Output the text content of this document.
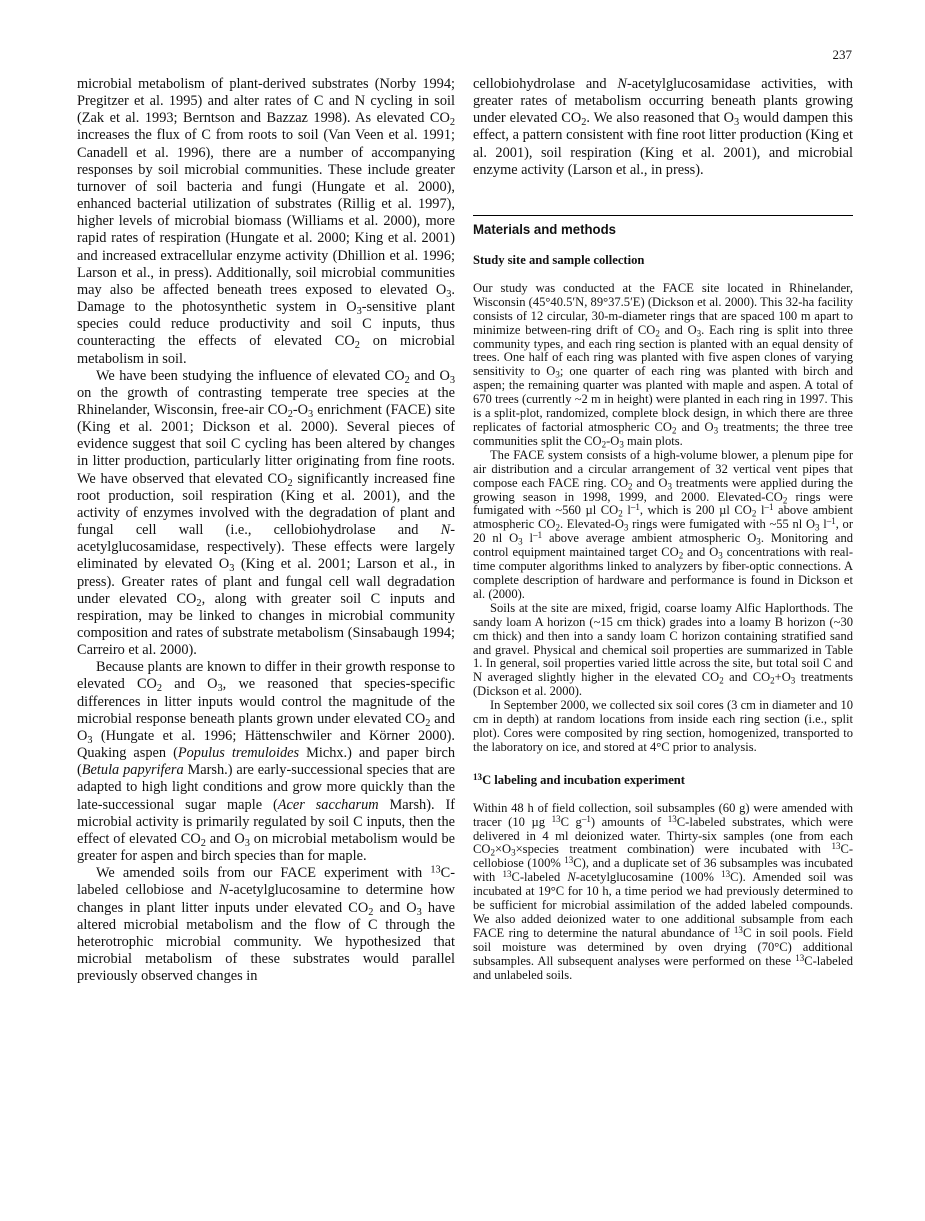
237

microbial metabolism of plant-derived substrates (Norby 1994; Pregitzer et al. 1995) and alter rates of C and N cycling in soil (Zak et al. 1993; Berntson and Bazzaz 1998). As elevated $CO_2$ increases the flux of C from roots to soil (Van Veen et al. 1991; Canadell et al. 1996), there are a number of accompanying responses by soil microbial communities. These include greater turnover of soil bacteria and fungi (Hungate et al. 2000), enhanced bacterial utilization of substrates (Rillig et al. 1997), higher levels of microbial biomass (Williams et al. 2000), more rapid rates of respiration (Hungate et al. 2000; King et al. 2001) and increased extracellular enzyme activity (Dhillion et al. 1996; Larson et al., in press). Additionally, soil microbial communities may also be affected beneath trees exposed to elevated $O_3$. Damage to the photosynthetic system in $O_3$-sensitive plant species could reduce productivity and soil C inputs, thus counteracting the effects of elevated $CO_2$ on microbial metabolism in soil.

We have been studying the influence of elevated $CO_2$ and $O_3$ on the growth of contrasting temperate tree species at the Rhinelander, Wisconsin, free-air $CO_2-O_3$ enrichment (FACE) site (King et al. 2001; Dickson et al. 2000). Several pieces of evidence suggest that soil C cycling has been altered by changes in litter production, particularly litter originating from fine roots. We have observed that elevated $CO_2$ significantly increased fine root production, soil respiration (King et al. 2001), and the activity of enzymes involved with the degradation of plant and fungal cell wall (i.e., cellobiohydrolase and N-acetylglucosamidase, respectively). These effects were largely eliminated by elevated $O_3$ (King et al. 2001; Larson et al., in press). Greater rates of plant and fungal cell wall degradation under elevated $CO_2$, along with greater soil C inputs and respiration, may be linked to changes in microbial community composition and rates of substrate metabolism (Sinsabaugh 1994; Carreiro et al. 2000).

Because plants are known to differ in their growth response to elevated $CO_2$ and $O_3$, we reasoned that species-specific differences in litter inputs would control the magnitude of the microbial response beneath plants grown under elevated $CO_2$ and $O_3$ (Hungate et al. 1996; Hättenschwiler and Körner 2000). Quaking aspen (Populus tremuloides Michx.) and paper birch (Betula papyrifera Marsh.) are early-successional species that are adapted to high light conditions and grow more quickly than the late-successional sugar maple (Acer saccharum Marsh). If microbial activity is primarily regulated by soil C inputs, then the effect of elevated $CO_2$ and $O_3$ on microbial metabolism would be greater for aspen and birch species than for maple.

We amended soils from our FACE experiment with $^{13}$C-labeled cellobiose and N-acetylglucosamine to determine how changes in plant litter inputs under elevated $CO_2$ and $O_3$ have altered microbial metabolism and the flow of C through the heterotrophic microbial community. We hypothesized that microbial metabolism of these substrates would parallel previously observed changes in

cellobiohydrolase and N-acetylglucosamidase activities, with greater rates of metabolism occurring beneath plants growing under elevated $CO_2$. We also reasoned that $O_3$ would dampen this effect, a pattern consistent with fine root litter production (King et al. 2001), soil respiration (King et al. 2001), and microbial enzyme activity (Larson et al., in press).

Materials and methods
Study site and sample collection

Our study was conducted at the FACE site located in Rhinelander, Wisconsin (45°40.5′N, 89°37.5′E) (Dickson et al. 2000). This 32-ha facility consists of 12 circular, 30-m-diameter rings that are spaced 100 m apart to minimize between-ring drift of $CO_2$ and $O_3$. Each ring is split into three community types, and each ring section is planted with an equal density of trees. One half of each ring was planted with five aspen clones of varying sensitivity to $O_3$; one quarter of each ring was planted with birch and aspen; the remaining quarter was planted with maple and aspen. A total of 670 trees (currently ~2 m in height) were planted in each ring in 1997. This is a split-plot, randomized, complete block design, in which there are three replicates of factorial atmospheric $CO_2$ and $O_3$ treatments; the three tree communities split the $CO_2-O_3$ main plots.

The FACE system consists of a high-volume blower, a plenum pipe for air distribution and a circular arrangement of 32 vertical vent pipes that compose each FACE ring. $CO_2$ and $O_3$ treatments were applied during the growing season in 1998, 1999, and 2000. Elevated-$CO_2$ rings were fumigated with ~560 µl $CO_2$ $l^{-1}$, which is 200 µl $CO_2$ $l^{-1}$ above ambient atmospheric $CO_2$. Elevated-$O_3$ rings were fumigated with ~55 nl $O_3$ $l^{-1}$, or 20 nl $O_3$ $l^{-1}$ above average ambient atmospheric $O_3$. Monitoring and control equipment maintained target $CO_2$ and $O_3$ concentrations with real-time computer algorithms linked to analyzers by fiber-optic connections. A complete description of hardware and performance is found in Dickson et al. (2000).

Soils at the site are mixed, frigid, coarse loamy Alfic Haplorthods. The sandy loam A horizon (~15 cm thick) grades into a loamy B horizon (~30 cm thick) and then into a sandy loam C horizon containing stratified sand and gravel. Physical and chemical soil properties are summarized in Table 1. In general, soil properties varied little across the site, but total soil C and N averaged slightly higher in the elevated $CO_2$ and $CO_2+O_3$ treatments (Dickson et al. 2000).

In September 2000, we collected six soil cores (3 cm in diameter and 10 cm in depth) at random locations from inside each ring section (i.e., split plot). Cores were composited by ring section, homogenized, transported to the laboratory on ice, and stored at 4°C prior to analysis.

$^{13}$C labeling and incubation experiment

Within 48 h of field collection, soil subsamples (60 g) were amended with tracer (10 µg $^{13}$C $g^{-1}$) amounts of $^{13}$C-labeled substrates, which were delivered in 4 ml deionized water. Thirty-six samples (one from each $CO_2\times O_3\times species$ treatment combination) were incubated with $^{13}$C-cellobiose (100% $^{13}$C), and a duplicate set of 36 subsamples was incubated with $^{13}$C-labeled N-acetylglucosamine (100% $^{13}$C). Amended soil was incubated at 19°C for 10 h, a time period we had previously determined to be sufficient for microbial assimilation of the added labeled compounds. We also added deionized water to one additional subsample from each FACE ring to determine the natural abundance of $^{13}$C in soil pools. Field soil moisture was determined by oven drying (70°C) additional subsamples. All subsequent analyses were performed on these $^{13}$C-labeled and unlabeled soils.
